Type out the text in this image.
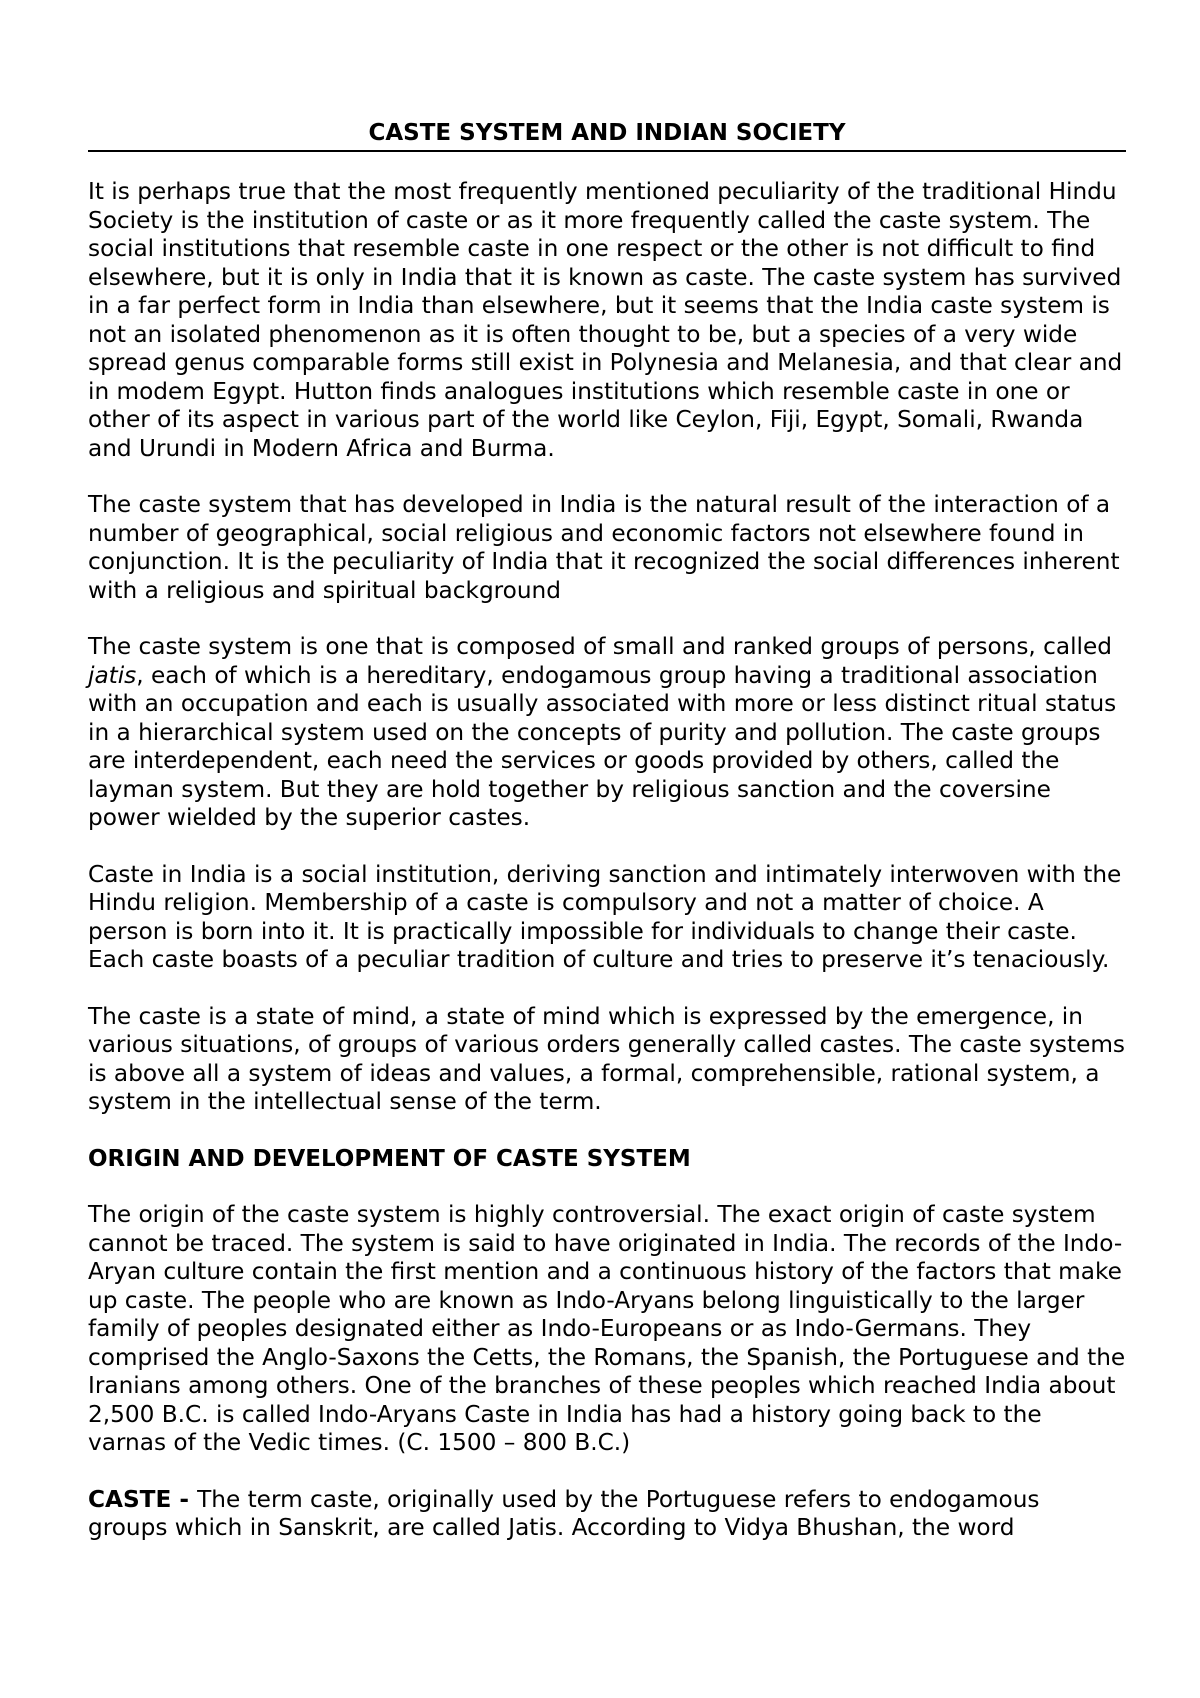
CASTE SYSTEM AND INDIAN SOCIETY

It is perhaps true that the most frequently mentioned peculiarity of the traditional Hindu Society is the institution of caste or as it more frequently called the caste system. The social institutions that resemble caste in one respect or the other is not difficult to find elsewhere, but it is only in India that it is known as caste. The caste system has survived in a far perfect form in India than elsewhere, but it seems that the India caste system is not an isolated phenomenon as it is often thought to be, but a species of a very wide spread genus comparable forms still exist in Polynesia and Melanesia, and that clear and in modem Egypt. Hutton finds analogues institutions which resemble caste in one or other of its aspect in various part of the world like Ceylon, Fiji, Egypt, Somali, Rwanda and Urundi in Modern Africa and Burma.

The caste system that has developed in India is the natural result of the interaction of a number of geographical, social religious and economic factors not elsewhere found in conjunction. It is the peculiarity of India that it recognized the social differences inherent with a religious and spiritual background

The caste system is one that is composed of small and ranked groups of persons, called jatis, each of which is a hereditary, endogamous group having a traditional association with an occupation and each is usually associated with more or less distinct ritual status in a hierarchical system used on the concepts of purity and pollution. The caste groups are interdependent, each need the services or goods provided by others, called the layman system. But they are hold together by religious sanction and the coversine power wielded by the superior castes.

Caste in India is a social institution, deriving sanction and intimately interwoven with the Hindu religion. Membership of a caste is compulsory and not a matter of choice. A person is born into it. It is practically impossible for individuals to change their caste. Each caste boasts of a peculiar tradition of culture and tries to preserve it’s tenaciously.

The caste is a state of mind, a state of mind which is expressed by the emergence, in various situations, of groups of various orders generally called castes. The caste systems is above all a system of ideas and values, a formal, comprehensible, rational system, a system in the intellectual sense of the term.

ORIGIN AND DEVELOPMENT OF CASTE SYSTEM

The origin of the caste system is highly controversial. The exact origin of caste system cannot be traced. The system is said to have originated in India. The records of the Indo-Aryan culture contain the first mention and a continuous history of the factors that make up caste. The people who are known as Indo-Aryans belong linguistically to the larger family of peoples designated either as Indo-Europeans or as Indo-Germans. They comprised the Anglo-Saxons the Cetts, the Romans, the Spanish, the Portuguese and the Iranians among others. One of the branches of these peoples which reached India about 2,500 B.C. is called Indo-Aryans Caste in India has had a history going back to the varnas of the Vedic times. (C. 1500 – 800 B.C.)

CASTE - The term caste, originally used by the Portuguese refers to endogamous groups which in Sanskrit, are called Jatis. According to Vidya Bhushan, the word
